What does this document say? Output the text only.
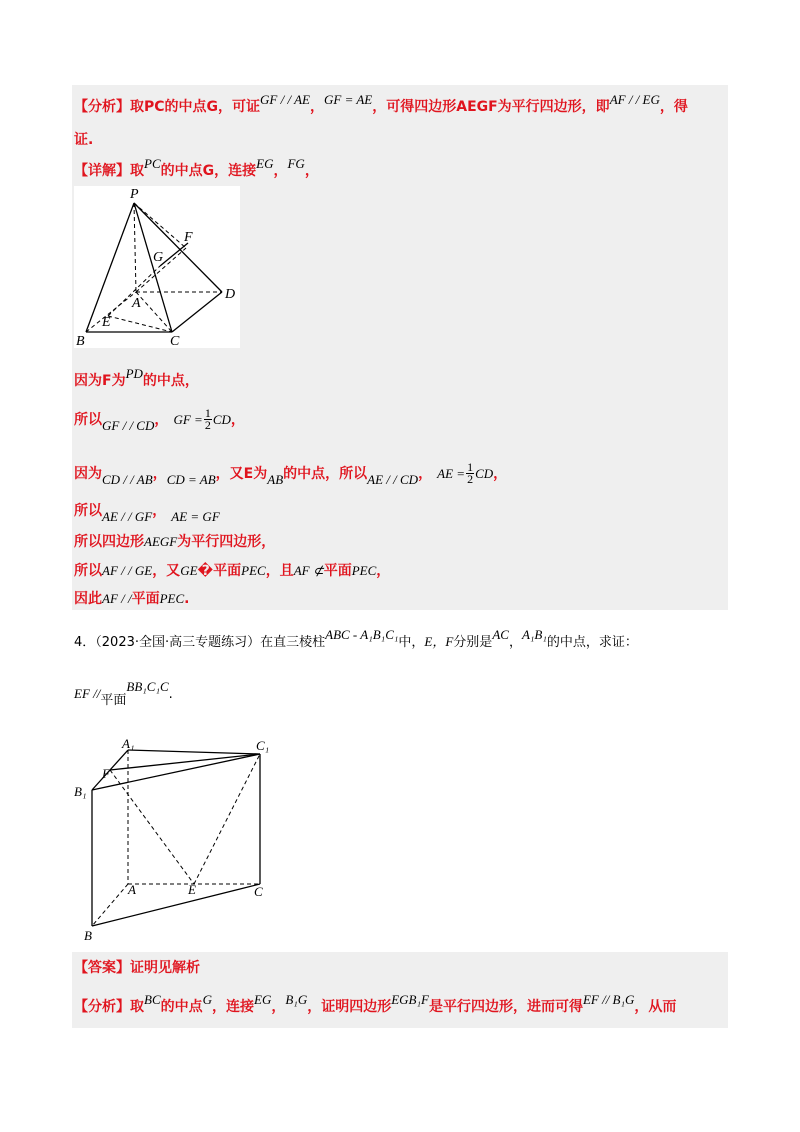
【分析】取PC的中点G，可证$^{GF / / AE}$，$^{GF = AE}$，可得四边形AEGF为平行四边形，即$^{AF / / EG}$，得
证.
【详解】取$^{PC}$的中点G，连接$^{EG}$，$^{FG}$，
P
F
G
A
D
E
B	C
因为F为$^{PD}$的中点，
所以$_{GF / / CD}$， GF = $\frac{1}{2}$ CD，
因为$_{CD / / AB}$，$_{CD = AB}$，又E为$_{AB}$的中点，所以$_{AE / / CD}$， AE = $\frac{1}{2}$ CD，
所以$_{AE / / GF}$， $_{AE = GF}$
所以四边形AEGF为平行四边形，
所以AF / / GE，又GE�平面PEC，且AF ⊄平面PEC，
因此AF / /平面PEC.
4．（2023·全国·高三专题练习）在直三棱柱ABC - A₁B₁C₁中，E，F分别是AC，A₁B₁的中点，求证：
EF //平面BB₁C₁C.
A₁	C₁
F
B₁
A	E	C
B
【答案】证明见解析
【分析】取$^{BC}$的中点$^G$，连接$^{EG}$，$^{B_1G}$，证明四边形$^{EGB_1F}$是平行四边形，进而可得$^{EF // B_1G}$，从而
